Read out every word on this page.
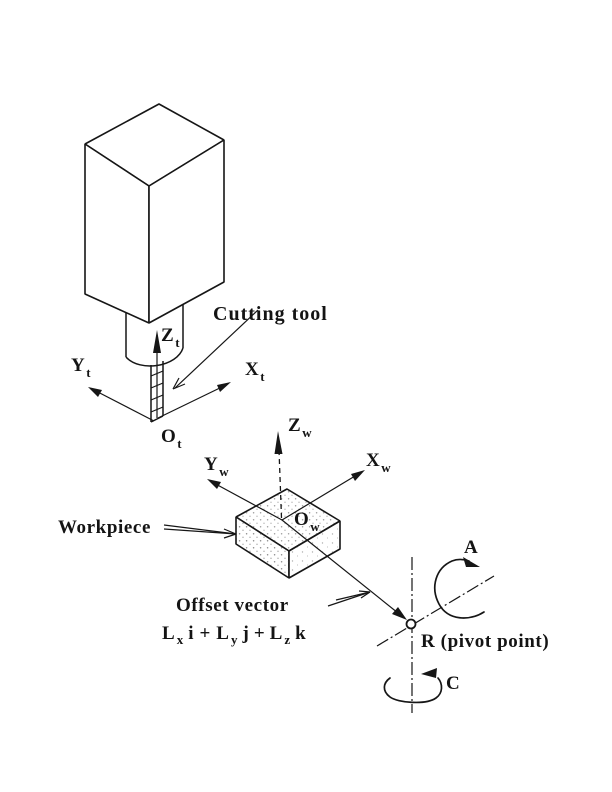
Cutting tool
Workpiece
Offset vector
R (pivot point)
A
C
Z $_t$
Y $_t$	X $_t$
O $_t$
Z $_w$
Y $_w$
X $_w$
O $_w$
L $_x$ i + L $_y$ j + L $_z$ k
